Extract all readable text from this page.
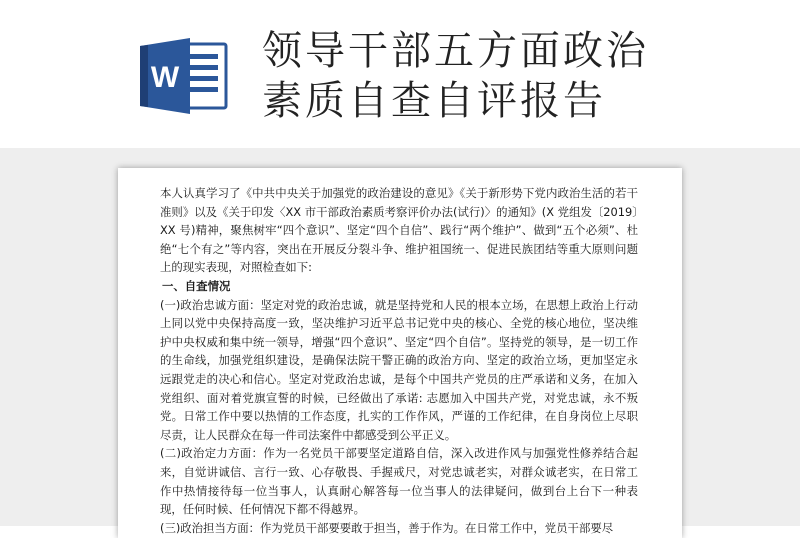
W
领导干部五方面政治
素质自查自评报告

本人认真学习了《中共中央关于加强党的政治建设的意见》《关于新形势下党内政治生活的若干准则》以及《关于印发〈XX 市干部政治素质考察评价办法(试行)〉的通知》(X 党组发〔2019〕XX 号)精神，聚焦树牢“四个意识”、坚定“四个自信”、践行“两个维护”、做到“五个必须”、杜绝“七个有之”等内容，突出在开展反分裂斗争、维护祖国统一、促进民族团结等重大原则问题上的现实表现，对照检查如下:

一、自查情况

(一)政治忠诚方面：坚定对党的政治忠诚，就是坚持党和人民的根本立场，在思想上政治上行动上同以党中央保持高度一致，坚决维护习近平总书记党中央的核心、全党的核心地位，坚决维护中央权威和集中统一领导，增强“四个意识”、坚定“四个自信”。坚持党的领导，是一切工作的生命线，加强党组织建设，是确保法院干警正确的政治方向、坚定的政治立场，更加坚定永远跟党走的决心和信心。坚定对党政治忠诚，是每个中国共产党员的庄严承诺和义务，在加入党组织、面对着党旗宣誓的时候，已经做出了承诺: 志愿加入中国共产党，对党忠诚，永不叛党。日常工作中要以热情的工作态度，扎实的工作作风，严谨的工作纪律，在自身岗位上尽职尽责，让人民群众在每一件司法案件中都感受到公平正义。

(二)政治定力方面：作为一名党员干部要坚定道路自信，深入改进作风与加强党性修养结合起来，自觉讲诚信、言行一致、心存敬畏、手握戒尺，对党忠诚老实，对群众诚老实，在日常工作中热情接待每一位当事人，认真耐心解答每一位当事人的法律疑问，做到台上台下一种表现，任何时候、任何情况下都不得越界。

(三)政治担当方面：作为党员干部要要敢于担当，善于作为。在日常工作中，党员干部要尽
